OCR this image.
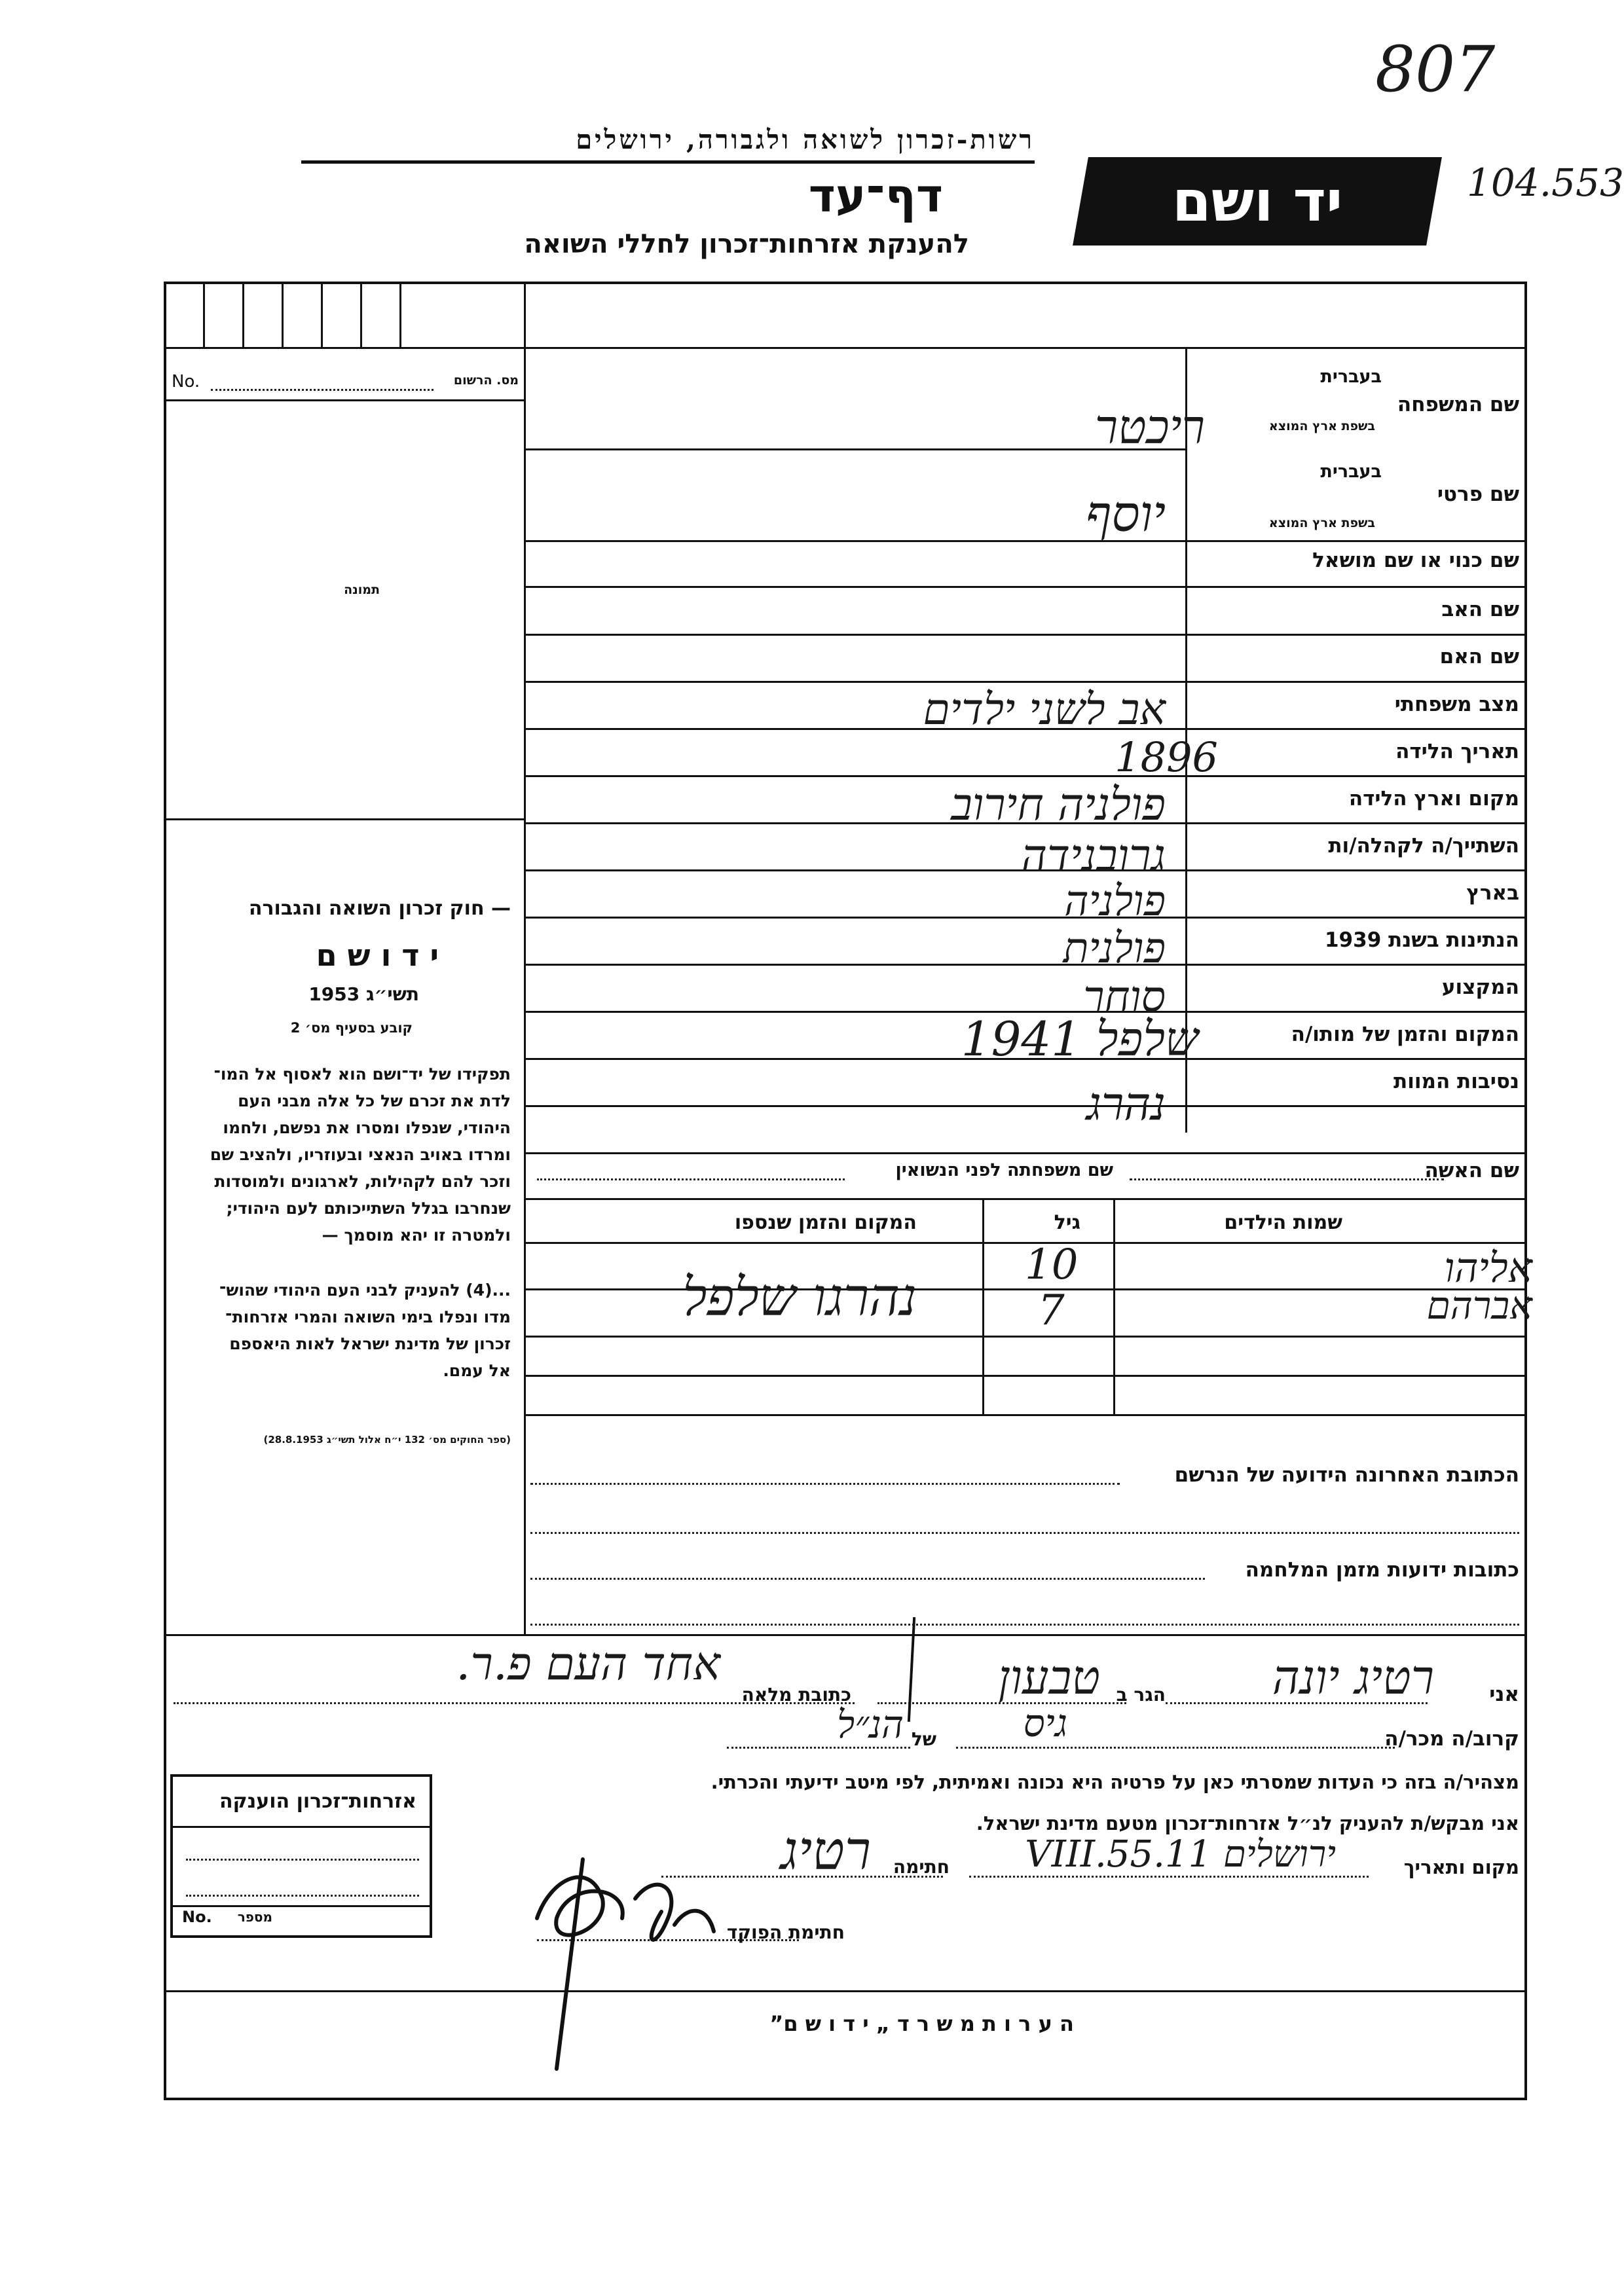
807
104.553
רשות-זכרון לשואה ולגבורה, ירושלים
דף־עד
להענקת אזרחות־זכרון לחללי השואה
יד ושם
No.	מס. הרשום
תמונה
שם המשפחה
בעברית
בשפת ארץ המוצא
שם פרטי
בעברית
בשפת ארץ המוצא
שם כנוי או שם מושאל
שם האב
שם האם
מצב משפחתי
תאריך הלידה
מקום וארץ הלידה
השתייך/ה לקהלה/ות
בארץ
הנתינות בשנת 1939
המקצוע
המקום והזמן של מותו/ה
נסיבות המוות
ריכטר
יוסף
אב לשני ילדים
1896
פולניה חירוב
גרובנידה
פולניה
פולנית
סוחר
שלפל 1941
נהרג
שם האשה
שם משפחתה לפני הנשואין
שמות הילדים
גיל
המקום והזמן שנספו
אליהו
אברהם
10
7
נהרגו שלפל
— חוק זכרון השואה והגבורה
י ד ו ש ם
תשי״ג 1953
קובע בסעיף מס׳ 2
תפקידו של יד־ושם הוא לאסוף אל המו־
לדת את זכרם של כל אלה מבני העם
היהודי, שנפלו ומסרו את נפשם, ולחמו
ומרדו באויב הנאצי ובעוזריו, ולהציב שם
וזכר להם לקהילות, לארגונים ולמוסדות
שנחרבו בגלל השתייכותם לעם היהודי;
ולמטרה זו יהא מוסמך —
...(4) להעניק לבני העם היהודי שהוש־
מדו ונפלו בימי השואה והמרי אזרחות־
זכרון של מדינת ישראל לאות היאספם
אל עמם.
(ספר החוקים מס׳ 132 י״ח אלול תשי״ג 28.8.1953)
הכתובת האחרונה הידועה של הנרשם
כתובות ידועות מזמן המלחמה
אני
רטיג יונה
הגר ב
טבעון
כתובת מלאה
אחד העם פ.ר.
קרוב/ה מכר/ה
גיס
של
הנ״ל
מצהיר/ה בזה כי העדות שמסרתי כאן על פרטיה היא נכונה ואמיתית, לפי מיטב ידיעתי והכרתי.
אני מבקש/ת להעניק לנ״ל אזרחות־זכרון מטעם מדינת ישראל.
מקום ותאריך
ירושלים 11.VIII.55
חתימה
רטיג
חתימת הפוקד
אזרחות־זכרון הוענקה
No. מספר
ה ע ר ו ת מ ש ר ד „ י ד ו ש ם”
